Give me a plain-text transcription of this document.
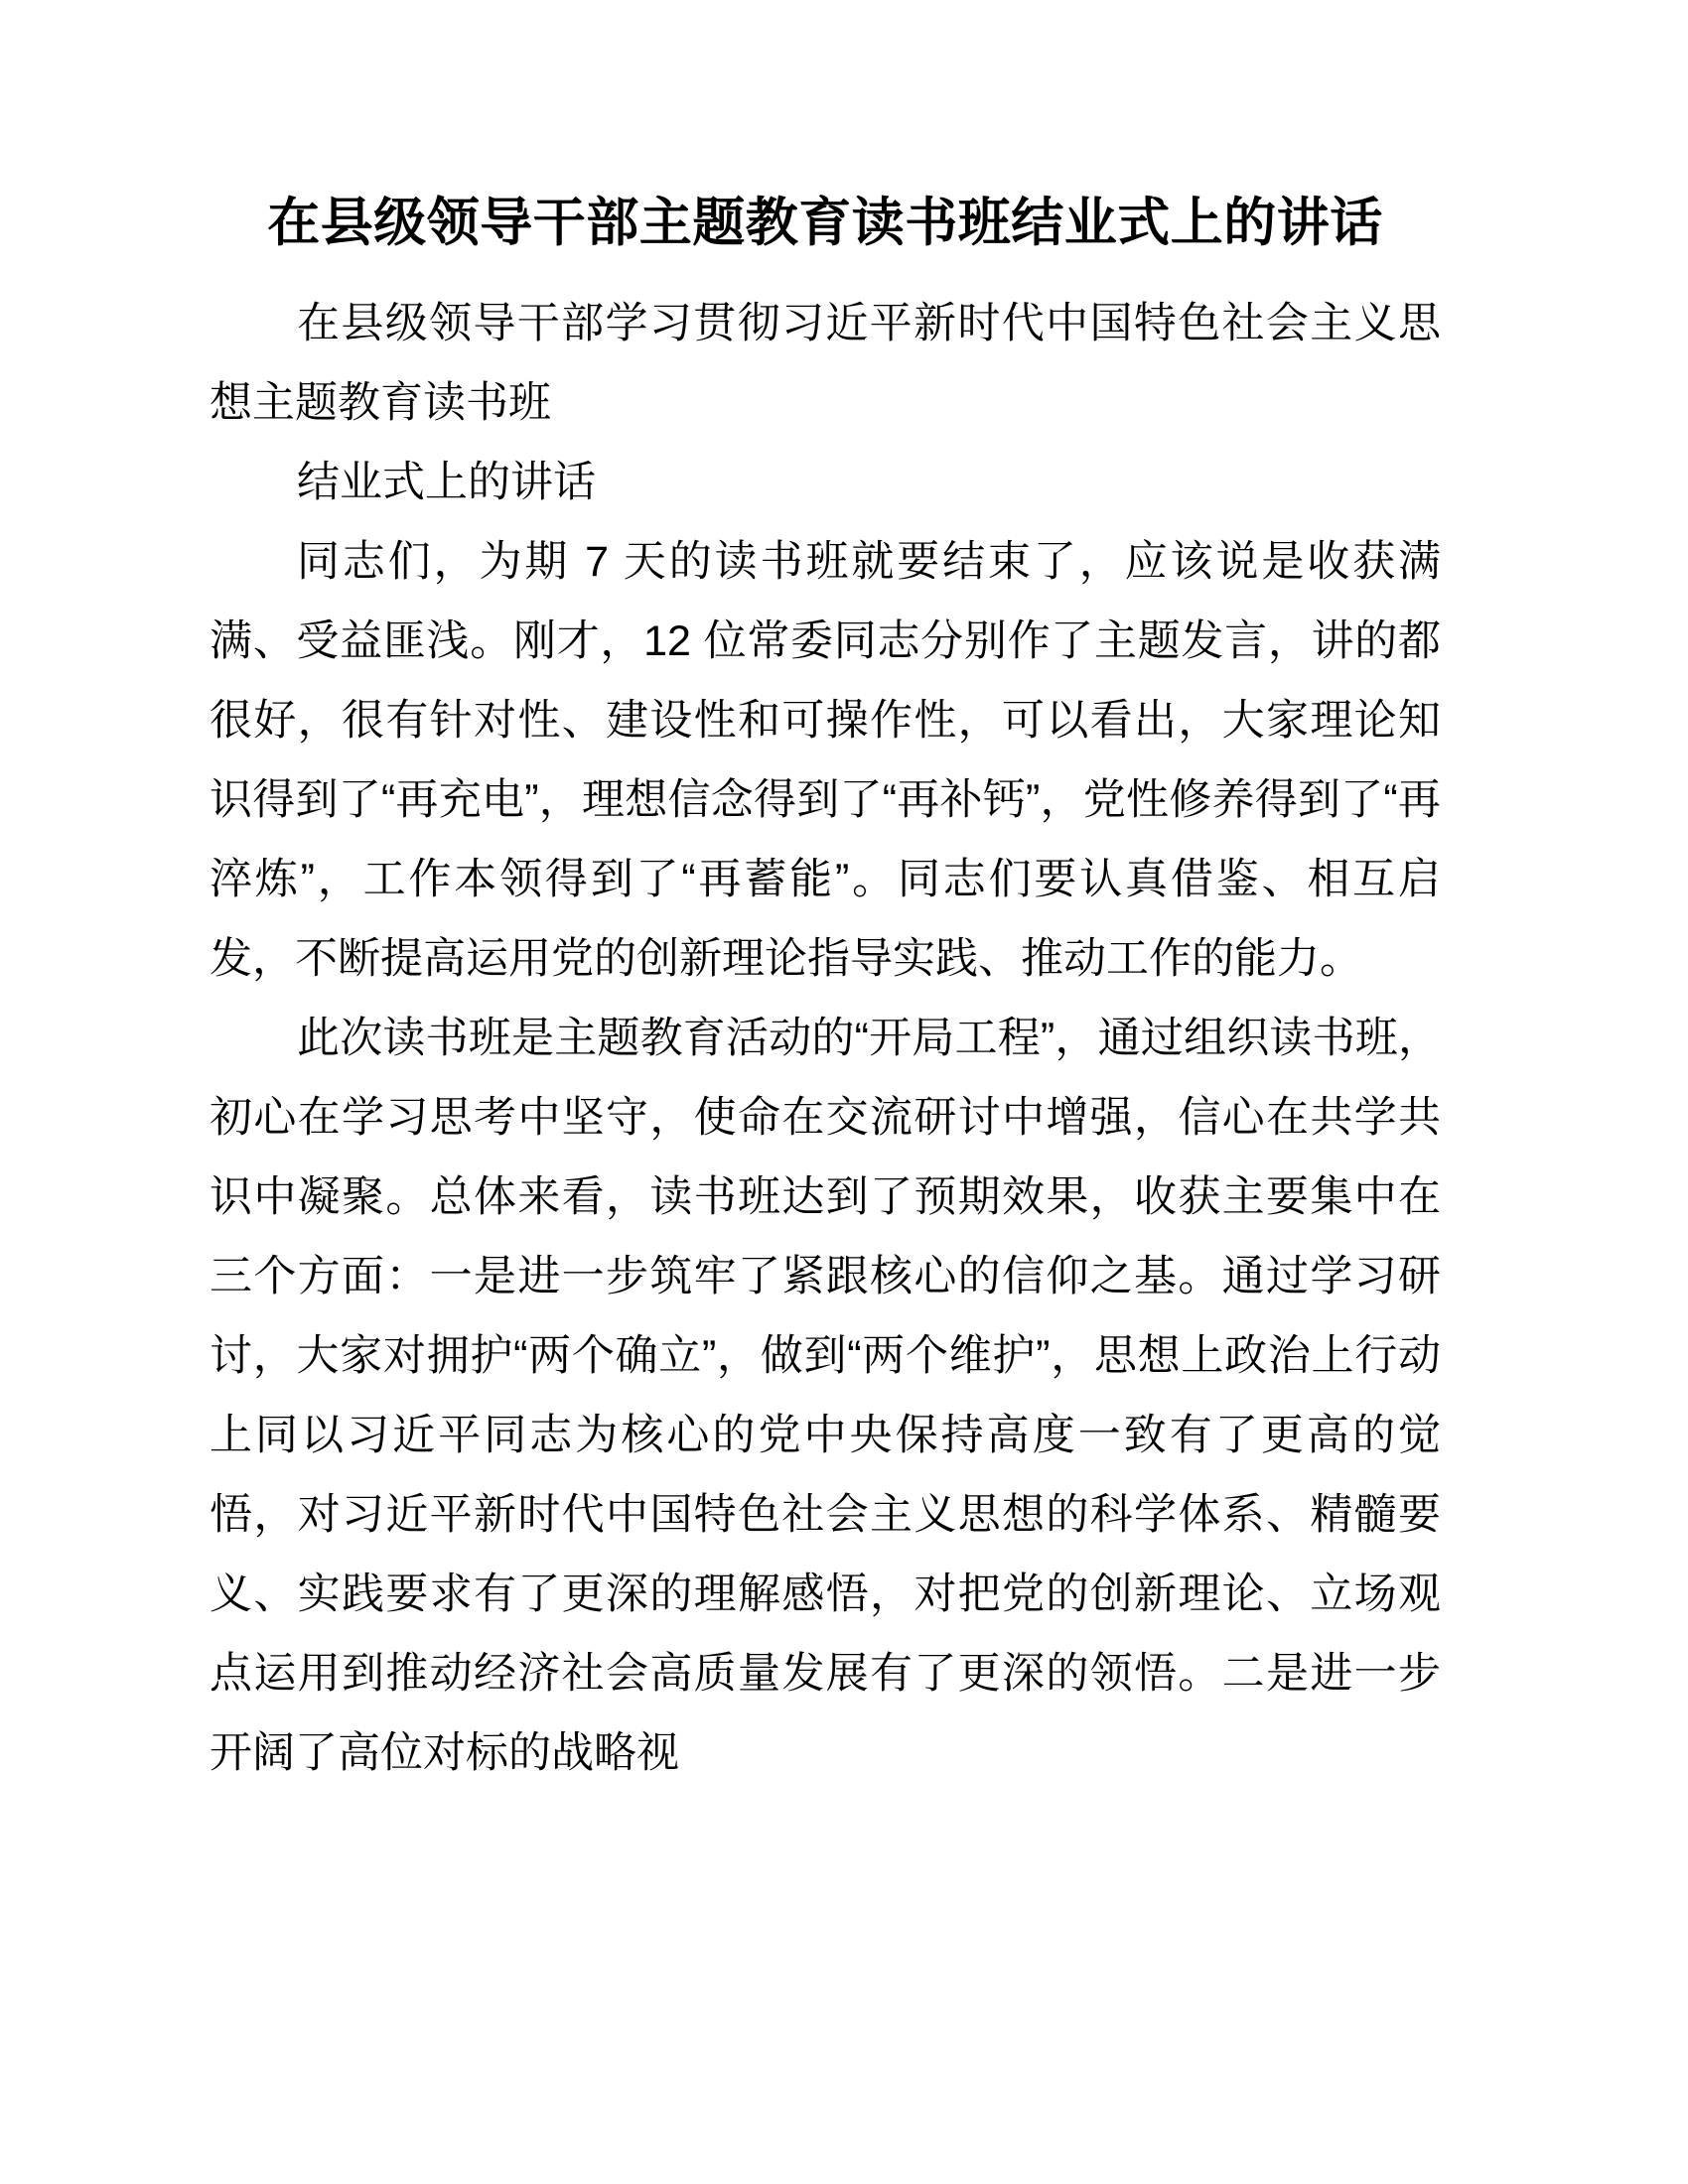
在县级领导干部主题教育读书班结业式上的讲话

在县级领导干部学习贯彻习近平新时代中国特色社会主义思想主题教育读书班

结业式上的讲话

同志们，为期 7 天的读书班就要结束了，应该说是收获满满、受益匪浅。刚才，12 位常委同志分别作了主题发言，讲的都很好，很有针对性、建设性和可操作性，可以看出，大家理论知识得到了“再充电”，理想信念得到了“再补钙”，党性修养得到了“再淬炼”，工作本领得到了“再蓄能”。同志们要认真借鉴、相互启发，不断提高运用党的创新理论指导实践、推动工作的能力。

此次读书班是主题教育活动的“开局工程”，通过组织读书班，初心在学习思考中坚守，使命在交流研讨中增强，信心在共学共识中凝聚。总体来看，读书班达到了预期效果，收获主要集中在三个方面：一是进一步筑牢了紧跟核心的信仰之基。通过学习研讨，大家对拥护“两个确立”，做到“两个维护”，思想上政治上行动上同以习近平同志为核心的党中央保持高度一致有了更高的觉悟，对习近平新时代中国特色社会主义思想的科学体系、精髓要义、实践要求有了更深的理解感悟，对把党的创新理论、立场观点运用到推动经济社会高质量发展有了更深的领悟。二是进一步开阔了高位对标的战略视
